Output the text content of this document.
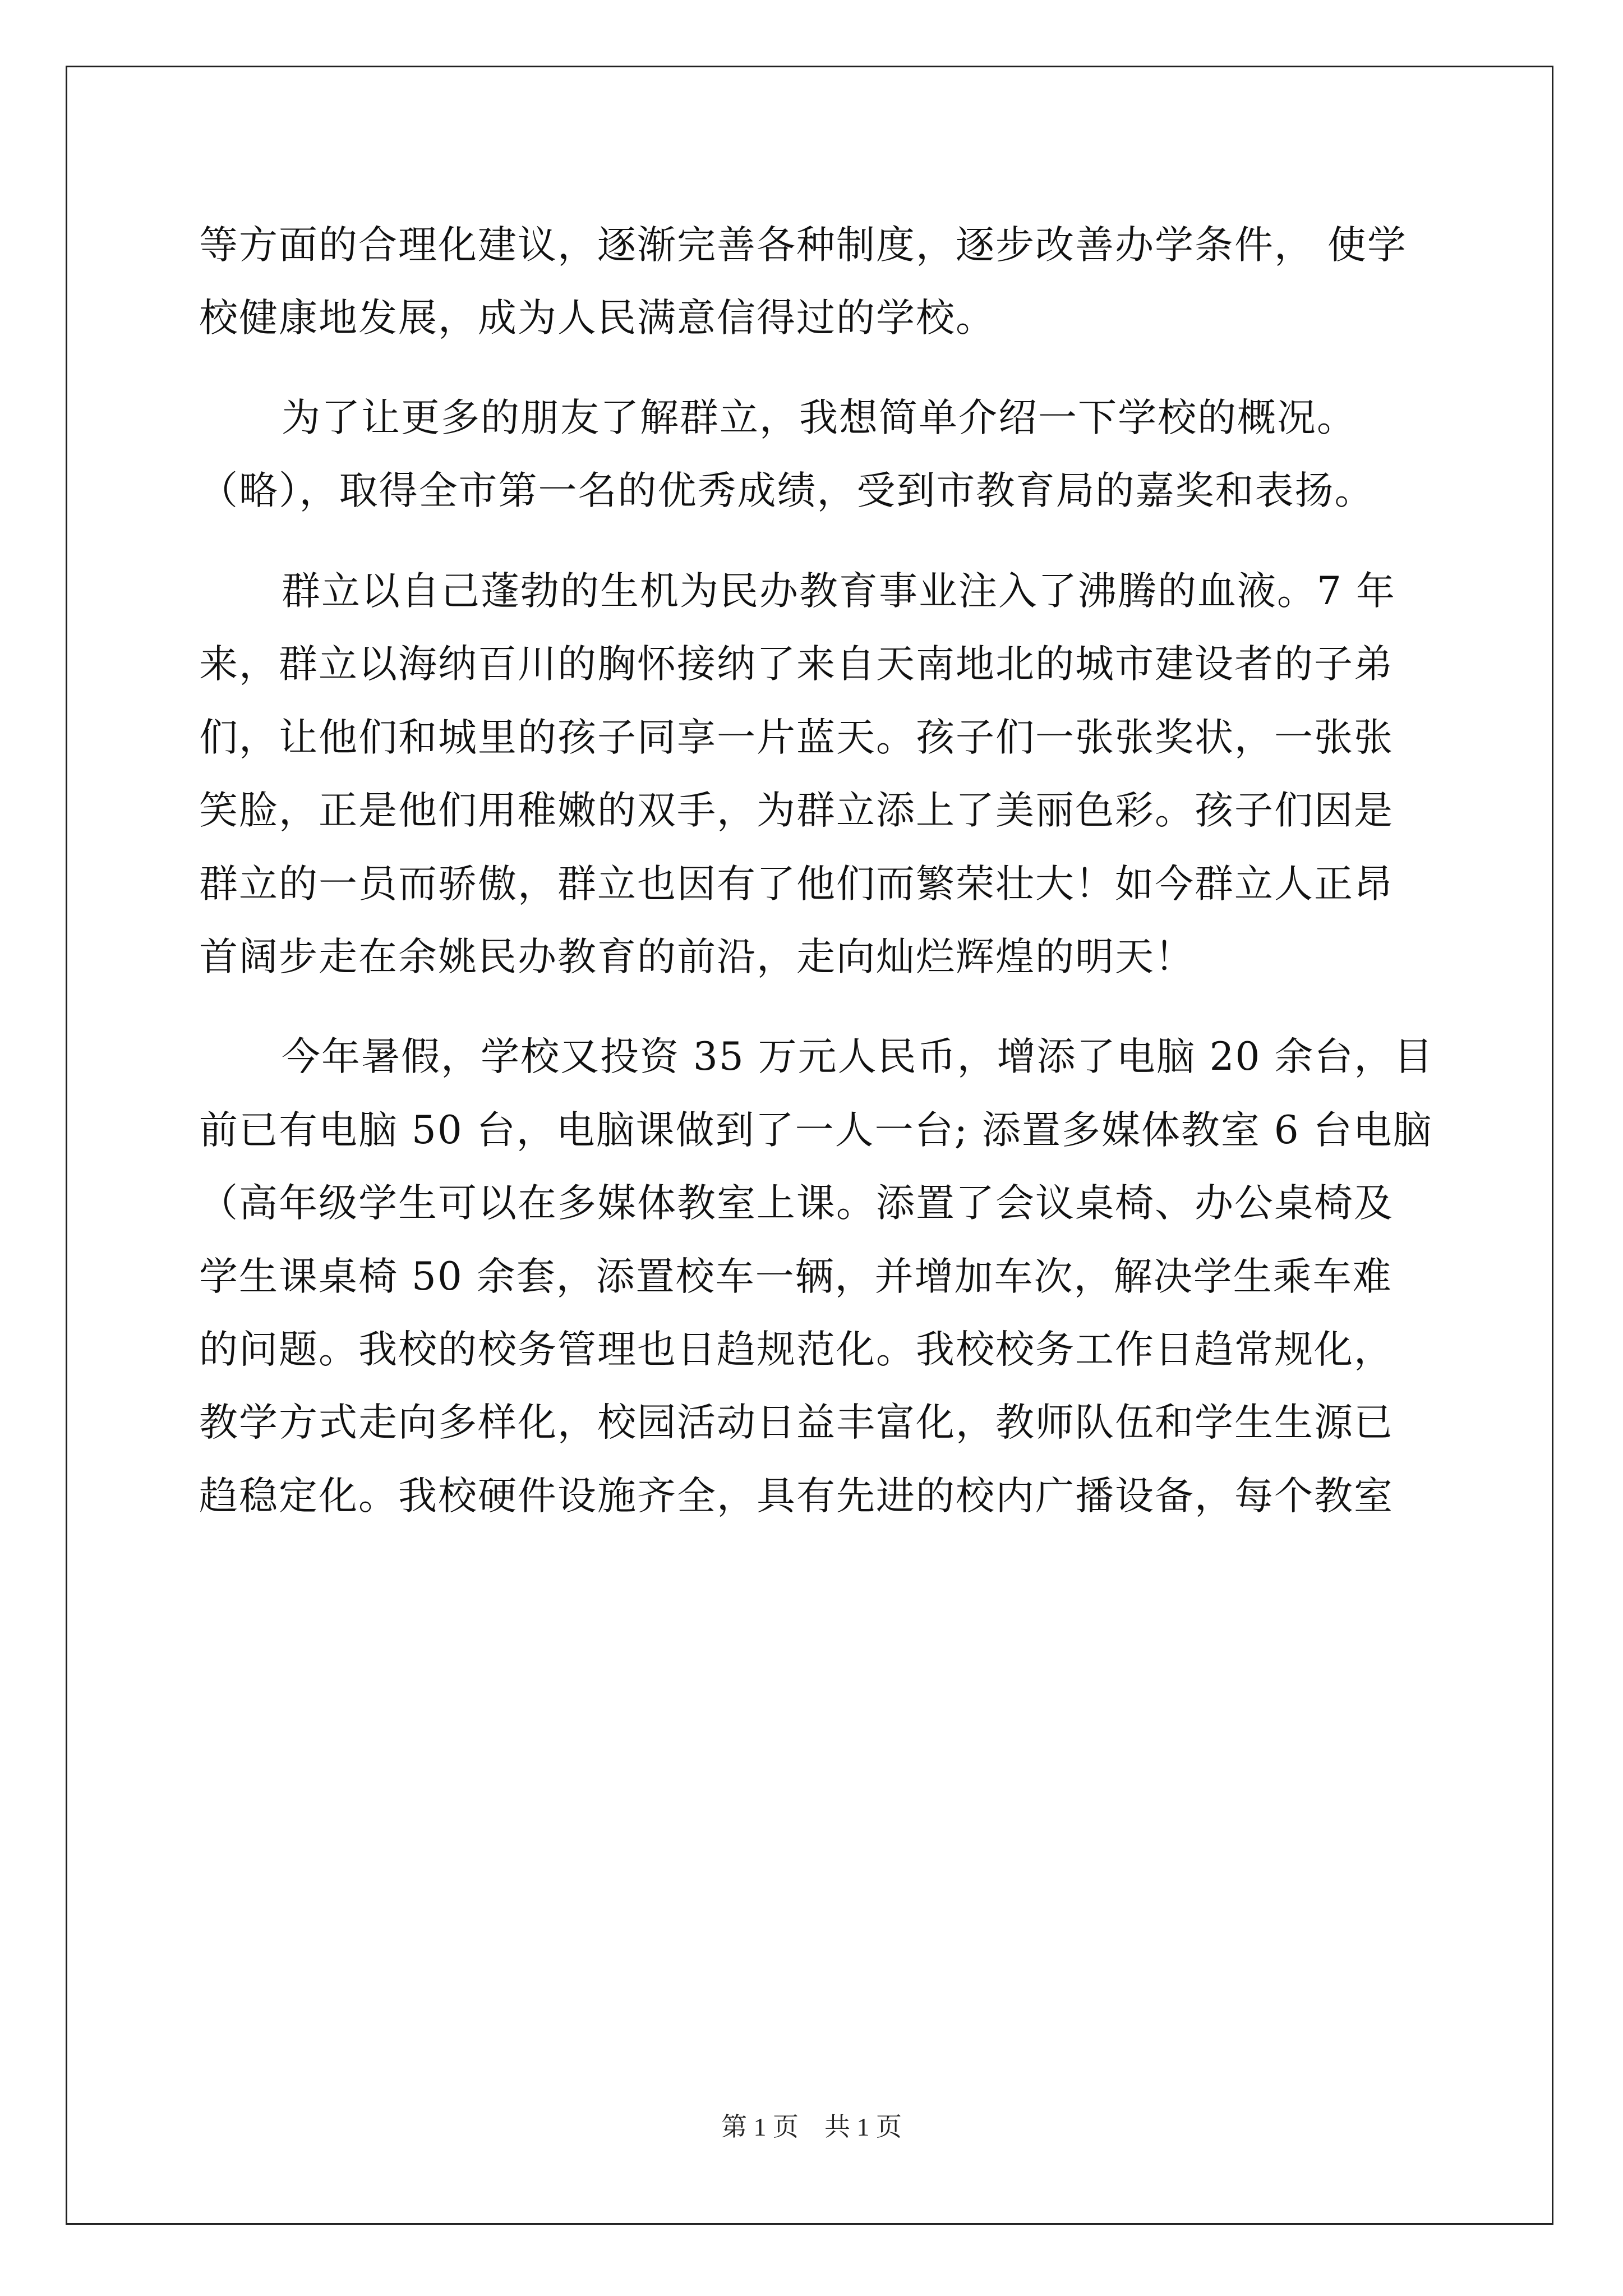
等方面的合理化建议，逐渐完善各种制度，逐步改善办学条件， 使学
校健康地发展，成为人民满意信得过的学校。
为了让更多的朋友了解群立，我想简单介绍一下学校的概况。
（略），取得全市第一名的优秀成绩，受到市教育局的嘉奖和表扬。
群立以自己蓬勃的生机为民办教育事业注入了沸腾的血液。7 年
来，群立以海纳百川的胸怀接纳了来自天南地北的城市建设者的子弟
们，让他们和城里的孩子同享一片蓝天。孩子们一张张奖状，一张张
笑脸，正是他们用稚嫩的双手，为群立添上了美丽色彩。孩子们因是
群立的一员而骄傲，群立也因有了他们而繁荣壮大！如今群立人正昂
首阔步走在余姚民办教育的前沿，走向灿烂辉煌的明天！
今年暑假，学校又投资 35 万元人民币，增添了电脑 20 余台，目
前已有电脑 50 台，电脑课做到了一人一台; 添置多媒体教室 6 台电脑
（高年级学生可以在多媒体教室上课。添置了会议桌椅、办公桌椅及
学生课桌椅 50 余套，添置校车一辆，并增加车次，解决学生乘车难
的问题。我校的校务管理也日趋规范化。我校校务工作日趋常规化，
教学方式走向多样化，校园活动日益丰富化，教师队伍和学生生源已
趋稳定化。我校硬件设施齐全，具有先进的校内广播设备，每个教室
第 1 页　共 1 页
